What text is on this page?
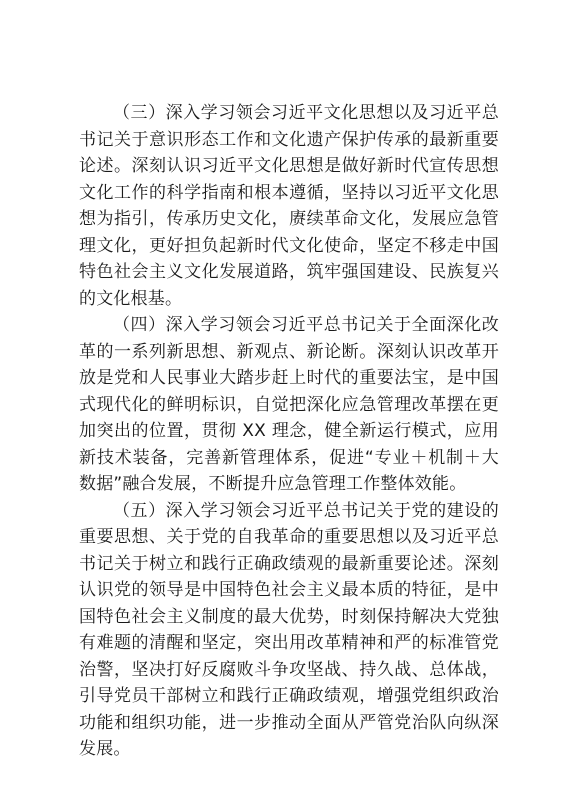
（三）深入学习领会习近平文化思想以及习近平总书记关于意识形态工作和文化遗产保护传承的最新重要论述。深刻认识习近平文化思想是做好新时代宣传思想文化工作的科学指南和根本遵循，坚持以习近平文化思想为指引，传承历史文化，赓续革命文化，发展应急管理文化，更好担负起新时代文化使命，坚定不移走中国特色社会主义文化发展道路，筑牢强国建设、民族复兴的文化根基。

（四）深入学习领会习近平总书记关于全面深化改革的一系列新思想、新观点、新论断。深刻认识改革开放是党和人民事业大踏步赶上时代的重要法宝，是中国式现代化的鲜明标识，自觉把深化应急管理改革摆在更加突出的位置，贯彻 XX 理念，健全新运行模式，应用新技术装备，完善新管理体系，促进“专业＋机制＋大数据”融合发展，不断提升应急管理工作整体效能。

（五）深入学习领会习近平总书记关于党的建设的重要思想、关于党的自我革命的重要思想以及习近平总书记关于树立和践行正确政绩观的最新重要论述。深刻认识党的领导是中国特色社会主义最本质的特征，是中国特色社会主义制度的最大优势，时刻保持解决大党独有难题的清醒和坚定，突出用改革精神和严的标准管党治警，坚决打好反腐败斗争攻坚战、持久战、总体战，引导党员干部树立和践行正确政绩观，增强党组织政治功能和组织功能，进一步推动全面从严管党治队向纵深发展。
